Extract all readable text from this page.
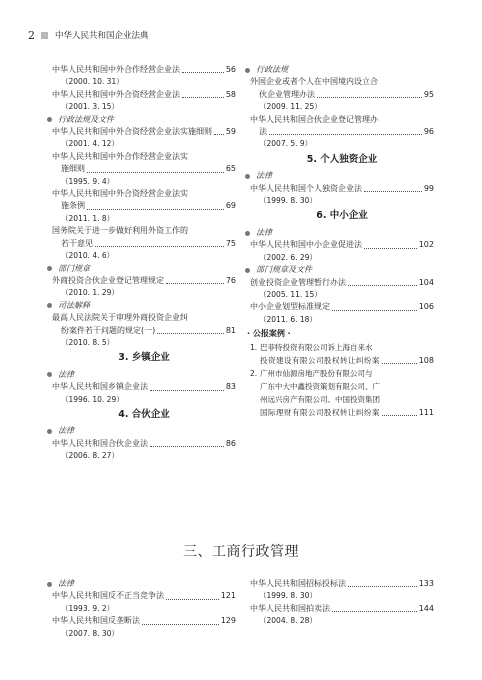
2 中华人民共和国企业法典
中华人民共和国中外合作经营企业法	56
（2000. 10. 31）
中华人民共和国中外合资经营企业法	58
（2001. 3. 15）
行政法规及文件
中华人民共和国中外合资经营企业法实施细则 59
（2001. 4. 12）
中华人民共和国中外合作经营企业法实
施细则	65
（1995. 9. 4）
中华人民共和国中外合资经营企业法实
施条例	69
（2011. 1. 8）
国务院关于进一步做好利用外资工作的
若干意见	75
（2010. 4. 6）
部门规章
外商投资合伙企业登记管理规定	76
（2010. 1. 29）
司法解释
最高人民法院关于审理外商投资企业纠
纷案件若干问题的规定(一)	81
（2010. 8. 5）
3. 乡镇企业
法律
中华人民共和国乡镇企业法	83
（1996. 10. 29）
4. 合伙企业
法律
中华人民共和国合伙企业法	86
（2006. 8. 27）
行政法规
外国企业或者个人在中国境内设立合
伙企业管理办法	95
（2009. 11. 25）
中华人民共和国合伙企业登记管理办
法	96
（2007. 5. 9）
5. 个人独资企业
法律
中华人民共和国个人独资企业法	99
（1999. 8. 30）
6. 中小企业
法律
中华人民共和国中小企业促进法	102
（2002. 6. 29）
部门规章及文件
创业投资企业管理暂行办法	104
（2005. 11. 15）
中小企业划型标准规定	106
（2011. 6. 18）
· 公报案例 ·
1. 巴菲特投资有限公司诉上海自来水
投资建设有限公司股权转让纠纷案	108
2. 广州市仙源房地产股份有限公司与
广东中大中鑫投资策划有限公司、广
州远兴房产有限公司、中国投资集团
国际理财有限公司股权转让纠纷案	111
三、工商行政管理
法律
中华人民共和国反不正当竞争法	121
（1993. 9. 2）
中华人民共和国反垄断法	129
（2007. 8. 30）
中华人民共和国招标投标法	133
（1999. 8. 30）
中华人民共和国拍卖法	144
（2004. 8. 28）
